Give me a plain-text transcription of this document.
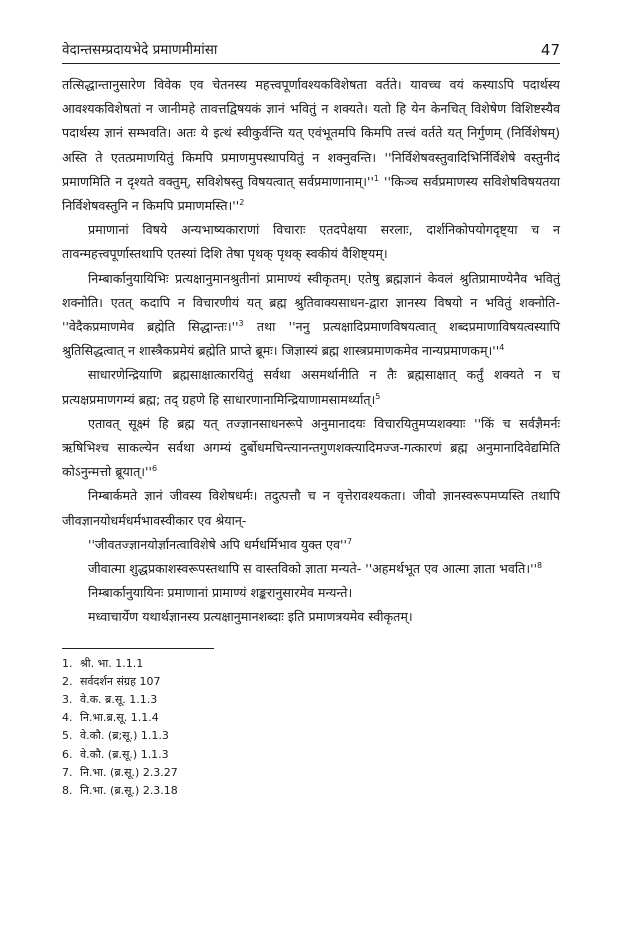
वेदान्तसम्प्रदायभेदे प्रमाणमीमांसा	47

तत्सिद्धान्तानुसारेण विवेक एव चेतनस्य महत्त्वपूर्णावश्यकविशेषता वर्तते। यावच्च वयं कस्याऽपि पदार्थस्य आवश्यकविशेषतां न जानीमहे तावत्तद्विषयकं ज्ञानं भवितुं न शक्यते। यतो हि येन केनचित् विशेषेण विशिष्टस्यैव पदार्थस्य ज्ञानं सम्भवति। अतः ये इत्थं स्वीकुर्वन्ति यत् एवंभूतमपि किमपि तत्त्वं वर्तते यत् निर्गुणम् (निर्विशेषम्) अस्ति ते एतत्प्रमाणयितुं किमपि प्रमाणमुपस्थापयितुं न शक्नुवन्ति। ''निर्विशेषवस्तुवादिभिर्निर्विशेषे वस्तुनीदं प्रमाणमिति न दृश्यते वक्तुम्, सविशेषस्तु विषयत्वात् $सर्वप्रमाणानाम्।''^1$ ''किञ्च सर्वप्रमाणस्य सविशेषविषयतया निर्विशेषवस्तुनि न किमपि $प्रमाणमस्ति।''^2$

प्रमाणानां विषये अन्यभाष्यकाराणां विचाराः एतदपेक्षया सरलाः, दार्शनिकोपयोगदृष्ट्या च न तावन्महत्त्वपूर्णास्तथापि एतस्यां दिशि तेषा पृथक् पृथक् स्वकीयं वैशिष्ट्यम्।

निम्बार्कानुयायिभिः प्रत्यक्षानुमानश्रुतीनां प्रामाण्यं स्वीकृतम्। एतेषु ब्रह्मज्ञानं केवलं श्रुतिप्रामाण्येनैव भवितुं शक्नोति। एतत् कदापि न विचारणीयं यत् ब्रह्म श्रुतिवाक्यसाधन-द्वारा ज्ञानस्य विषयो न भवितुं शक्नोति- ''वेदैकप्रमाणमेव ब्रह्मेति $सिद्धान्तः।''^3$ तथा ''ननु प्रत्यक्षादिप्रमाणविषयत्वात् शब्दप्रमाणाविषयत्वस्यापि श्रुतिसिद्धत्वात् न शास्त्रैकप्रमेयं ब्रह्मेति प्राप्ते ब्रूमः। जिज्ञास्यं ब्रह्म शास्त्रप्रमाणकमेव $नान्यप्रमाणकम्।''^4$

साधारणेन्द्रियाणि ब्रह्मसाक्षात्कारयितुं सर्वथा असमर्थानीति न तैः ब्रह्मसाक्षात् कर्तुं शक्यते न च प्रत्यक्षप्रमाणगम्यं ब्रह्म; तद् ग्रहणे हि साधारणानामिन्द्रियाणामसामर्थ्यात्।$^5$

एतावत् सूक्ष्मं हि ब्रह्म यत् तज्ज्ञानसाधनरूपे अनुमानादयः विचारयितुमप्यशक्याः ''किं च सर्वज्ञैमर्नः ऋषिभिश्च साकल्येन सर्वथा अगम्यं दुर्बोधमचिन्त्यानन्तगुणशक्त्यादिमज्ज-गत्कारणं ब्रह्म अनुमानादिवेद्यमिति कोऽनुन्मत्तो $ब्रूयात्।''^6$

निम्बार्कमते ज्ञानं जीवस्य विशेषधर्मः। तदुत्पत्तौ च न वृत्तेरावश्यकता। जीवो ज्ञानस्वरूपमप्यस्ति तथापि जीवज्ञानयोधर्मधर्मभावस्वीकार एव श्रेयान्-

''जीवतज्ज्ञानयोर्ज्ञानत्वाविशेषे अपि धर्मधर्मिभाव युक्त $एव''^7$

जीवात्मा शुद्धप्रकाशस्वरूपस्तथापि स वास्तविको ज्ञाता मन्यते- ''अहमर्थभूत एव आत्मा ज्ञाता $भवति।''^8$

निम्बार्कानुयायिनः प्रमाणानां प्रामाण्यं शङ्करानुसारमेव मन्यन्ते।

मध्वाचार्येण यथार्थज्ञानस्य प्रत्यक्षानुमानशब्दाः इति प्रमाणत्रयमेव स्वीकृतम्।

1. श्री. भा. 1.1.1
2. सर्वदर्शन संग्रह 107
3. वे.क. ब्र.सू. 1.1.3
4. नि.भा.ब्र.सू. 1.1.4
5. वे.कौ. (ब्र;सू.) 1.1.3
6. वे.कौ. (ब्र.सू.) 1.1.3
7. नि.भा. (ब्र.सू.) 2.3.27
8. नि.भा. (ब्र.सू.) 2.3.18
